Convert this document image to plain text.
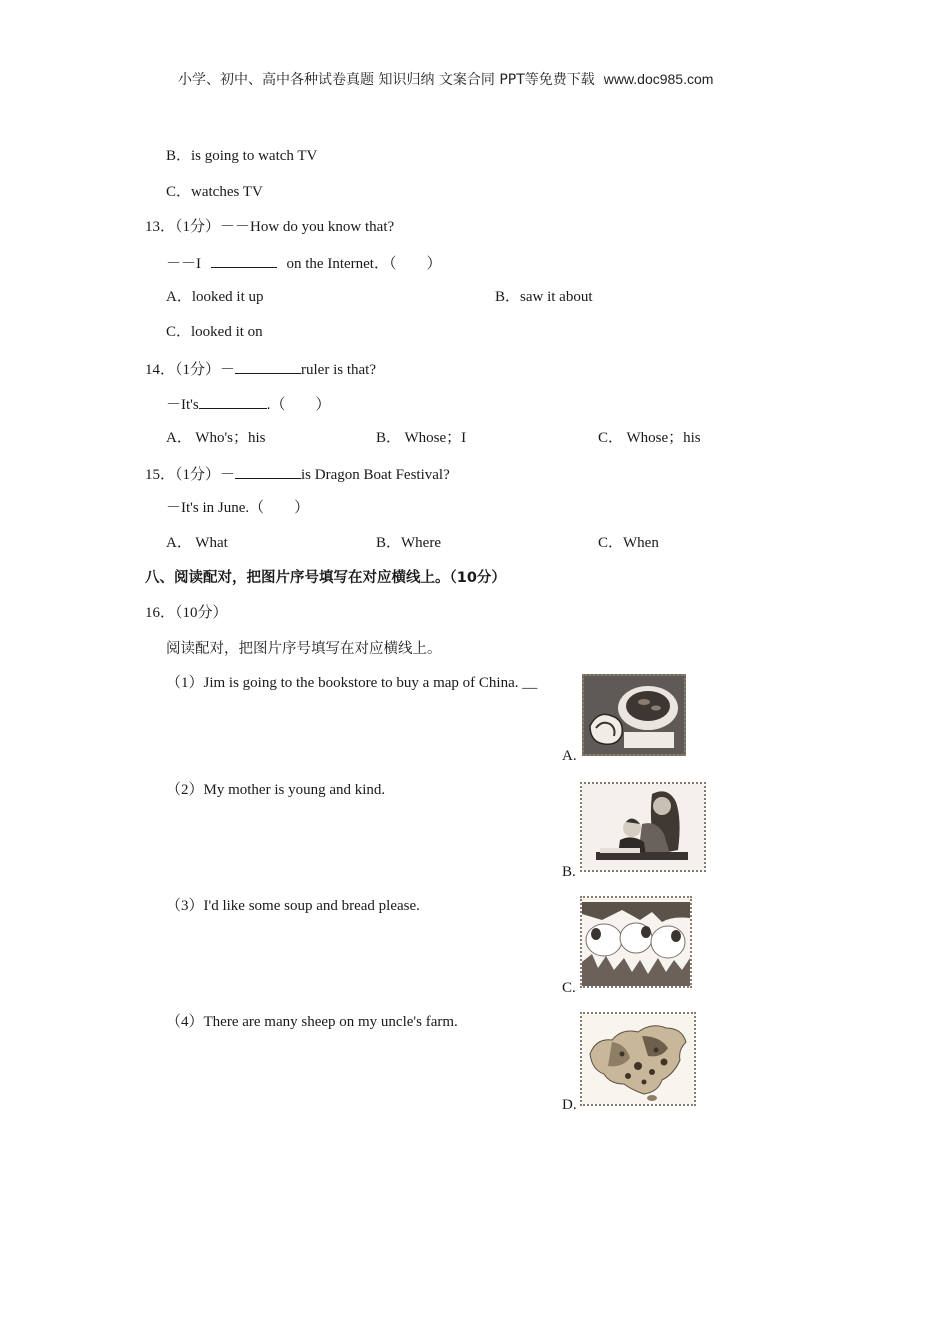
小学、初中、高中各种试卷真题 知识归纳 文案合同 PPT等免费下载 www.doc985.com
B．is going to watch TV
C．watches TV
13．（1分）－－How do you know that?
－－I	on the Internet．（　　）
A．looked it up	B．saw it about
C．looked it on
14．（1分）－	ruler is that?
－It's	.（　　）
A． Who's；his	B． Whose；I	C． Whose；his
15．（1分）－	is Dragon Boat Festival?
－It's in June.（　　）
A． What	B．Where	C．When
八、阅读配对，把图片序号填写在对应横线上。（10分）
16．（10分）
阅读配对，把图片序号填写在对应横线上。
（1）Jim is going to the bookstore to buy a map of China. __
（2）My mother is young and kind.
（3）I'd like some soup and bread please.
（4）There are many sheep on my uncle's farm.
A.
B.
C.
D.
